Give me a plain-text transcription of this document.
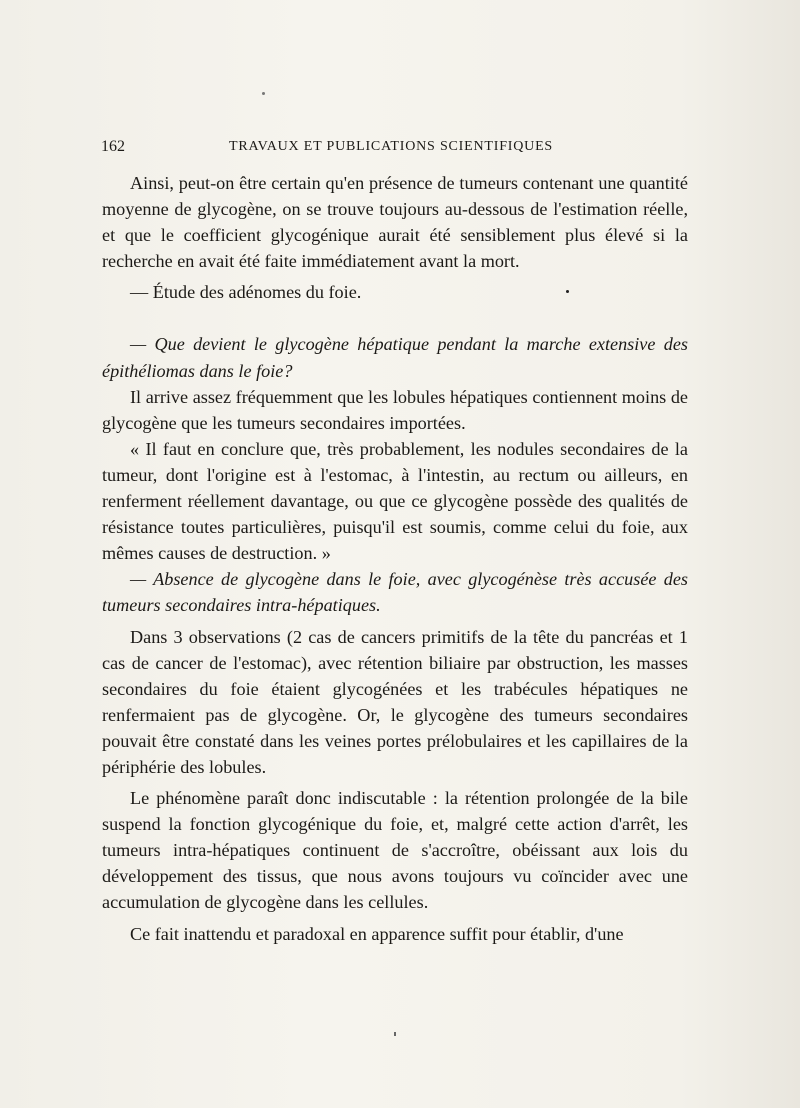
162	TRAVAUX ET PUBLICATIONS SCIENTIFIQUES

Ainsi, peut-on être certain qu'en présence de tumeurs contenant une quantité moyenne de glycogène, on se trouve toujours au-dessous de l'estimation réelle, et que le coefficient glycogénique aurait été sensiblement plus élevé si la recherche en avait été faite immédiatement avant la mort.

— Étude des adénomes du foie.

— Que devient le glycogène hépatique pendant la marche extensive des épithéliomas dans le foie?

Il arrive assez fréquemment que les lobules hépatiques contiennent moins de glycogène que les tumeurs secondaires importées.

« Il faut en conclure que, très probablement, les nodules secondaires de la tumeur, dont l'origine est à l'estomac, à l'intestin, au rectum ou ailleurs, en renferment réellement davantage, ou que ce glycogène possède des qualités de résistance toutes particulières, puisqu'il est soumis, comme celui du foie, aux mêmes causes de destruction. »

— Absence de glycogène dans le foie, avec glycogénèse très accusée des tumeurs secondaires intra-hépatiques.

Dans 3 observations (2 cas de cancers primitifs de la tête du pancréas et 1 cas de cancer de l'estomac), avec rétention biliaire par obstruction, les masses secondaires du foie étaient glycogénées et les trabécules hépatiques ne renfermaient pas de glycogène. Or, le glycogène des tumeurs secondaires pouvait être constaté dans les veines portes prélobulaires et les capillaires de la périphérie des lobules.

Le phénomène paraît donc indiscutable : la rétention prolongée de la bile suspend la fonction glycogénique du foie, et, malgré cette action d'arrêt, les tumeurs intra-hépatiques continuent de s'accroître, obéissant aux lois du développement des tissus, que nous avons toujours vu coïncider avec une accumulation de glycogène dans les cellules.

Ce fait inattendu et paradoxal en apparence suffit pour établir, d'une
